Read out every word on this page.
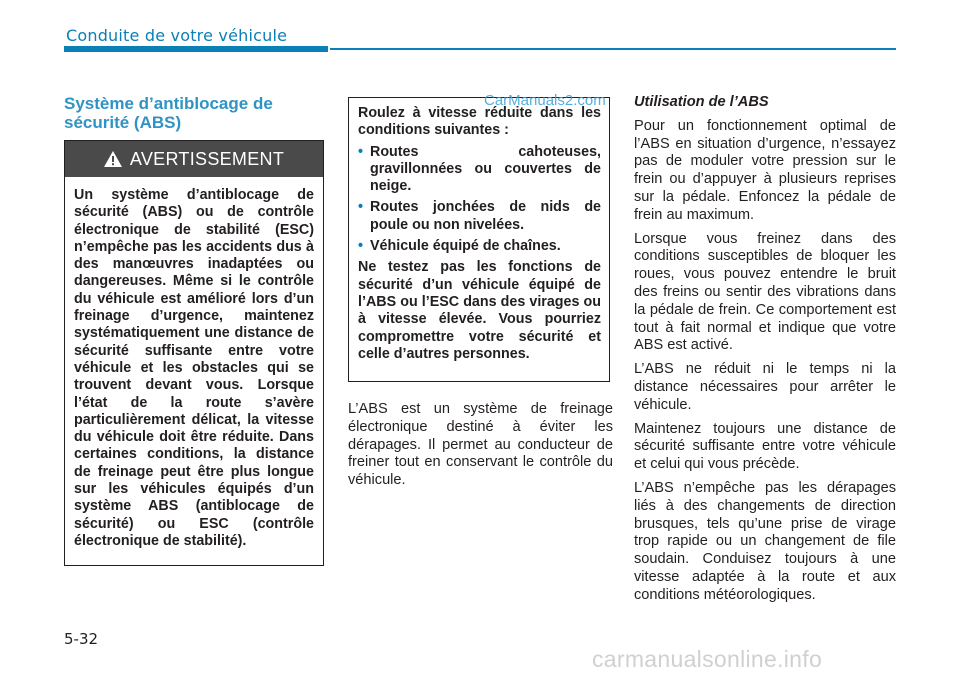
Conduite de votre véhicule
Système d’antiblocage de sécurité (ABS)
AVERTISSEMENT
Un système d’antiblocage de sécurité (ABS) ou de contrôle électronique de stabilité (ESC) n’empêche pas les accidents dus à des manœuvres inadaptées ou dangereuses. Même si le contrôle du véhicule est amélioré lors d’un freinage d’urgence, maintenez systématiquement une distance de sécurité suffisante entre votre véhicule et les obstacles qui se trouvent devant vous. Lorsque l’état de la route s’avère particulièrement délicat, la vitesse du véhicule doit être réduite. Dans certaines conditions, la distance de freinage peut être plus longue sur les véhicules équipés d’un système ABS (antiblocage de sécurité) ou ESC (contrôle électronique de stabilité).

Roulez à vitesse réduite dans les conditions suivantes :

• Routes cahoteuses, gravillonnées ou couvertes de neige.
• Routes jonchées de nids de poule ou non nivelées.
• Véhicule équipé de chaînes.

Ne testez pas les fonctions de sécurité d’un véhicule équipé de l’ABS ou l’ESC dans des virages ou à vitesse élevée. Vous pourriez compromettre votre sécurité et celle d’autres personnes.

CarManuals2.com

L’ABS est un système de freinage électronique destiné à éviter les dérapages. Il permet au conducteur de freiner tout en conservant le contrôle du véhicule.

Utilisation de l’ABS

Pour un fonctionnement optimal de l’ABS en situation d’urgence, n’essayez pas de moduler votre pression sur le frein ou d’appuyer à plusieurs reprises sur la pédale. Enfoncez la pédale de frein au maximum.

Lorsque vous freinez dans des conditions susceptibles de bloquer les roues, vous pouvez entendre le bruit des freins ou sentir des vibrations dans la pédale de frein. Ce comportement est tout à fait normal et indique que votre ABS est activé.

L’ABS ne réduit ni le temps ni la distance nécessaires pour arrêter le véhicule.

Maintenez toujours une distance de sécurité suffisante entre votre véhicule et celui qui vous précède.

L’ABS n’empêche pas les dérapages liés à des changements de direction brusques, tels qu’une prise de virage trop rapide ou un changement de file soudain. Conduisez toujours à une vitesse adaptée à la route et aux conditions météorologiques.

5-32
carmanualsonline.info
